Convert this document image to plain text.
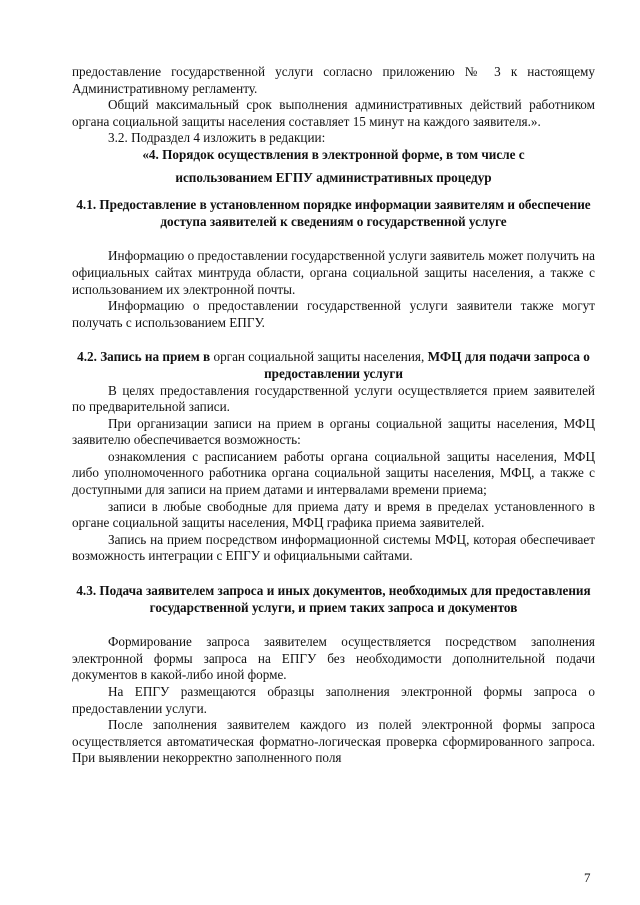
предоставление государственной услуги согласно приложению № 3 к настоящему Административному регламенту.

Общий максимальный срок выполнения административных действий работником органа социальной защиты населения составляет 15 минут на каждого заявителя.».

3.2. Подраздел 4 изложить в редакции:

«4. Порядок осуществления в электронной форме, в том числе с

использованием ЕГПУ административных процедур

4.1. Предоставление в установленном порядке информации заявителям и обеспечение доступа заявителей к сведениям о государственной услуге

Информацию о предоставлении государственной услуги заявитель может получить на официальных сайтах минтруда области, органа социальной защиты населения, а также с использованием их электронной почты.

Информацию о предоставлении государственной услуги заявители также могут получать с использованием ЕПГУ.

4.2. Запись на прием в орган социальной защиты населения, МФЦ для подачи запроса о предоставлении услуги

В целях предоставления государственной услуги осуществляется прием заявителей по предварительной записи.

При организации записи на прием в органы социальной защиты населения, МФЦ заявителю обеспечивается возможность:

ознакомления с расписанием работы органа социальной защиты населения, МФЦ либо уполномоченного работника органа социальной защиты населения, МФЦ, а также с доступными для записи на прием датами и интервалами времени приема;

записи в любые свободные для приема дату и время в пределах установленного в органе социальной защиты населения, МФЦ графика приема заявителей.

Запись на прием посредством информационной системы МФЦ, которая обеспечивает возможность интеграции с ЕПГУ и официальными сайтами.

4.3. Подача заявителем запроса и иных документов, необходимых для предоставления государственной услуги, и прием таких запроса и документов

Формирование запроса заявителем осуществляется посредством заполнения электронной формы запроса на ЕПГУ без необходимости дополнительной подачи документов в какой-либо иной форме.

На ЕПГУ размещаются образцы заполнения электронной формы запроса о предоставлении услуги.

После заполнения заявителем каждого из полей электронной формы запроса осуществляется автоматическая форматно-логическая проверка сформированного запроса. При выявлении некорректно заполненного поля

7
